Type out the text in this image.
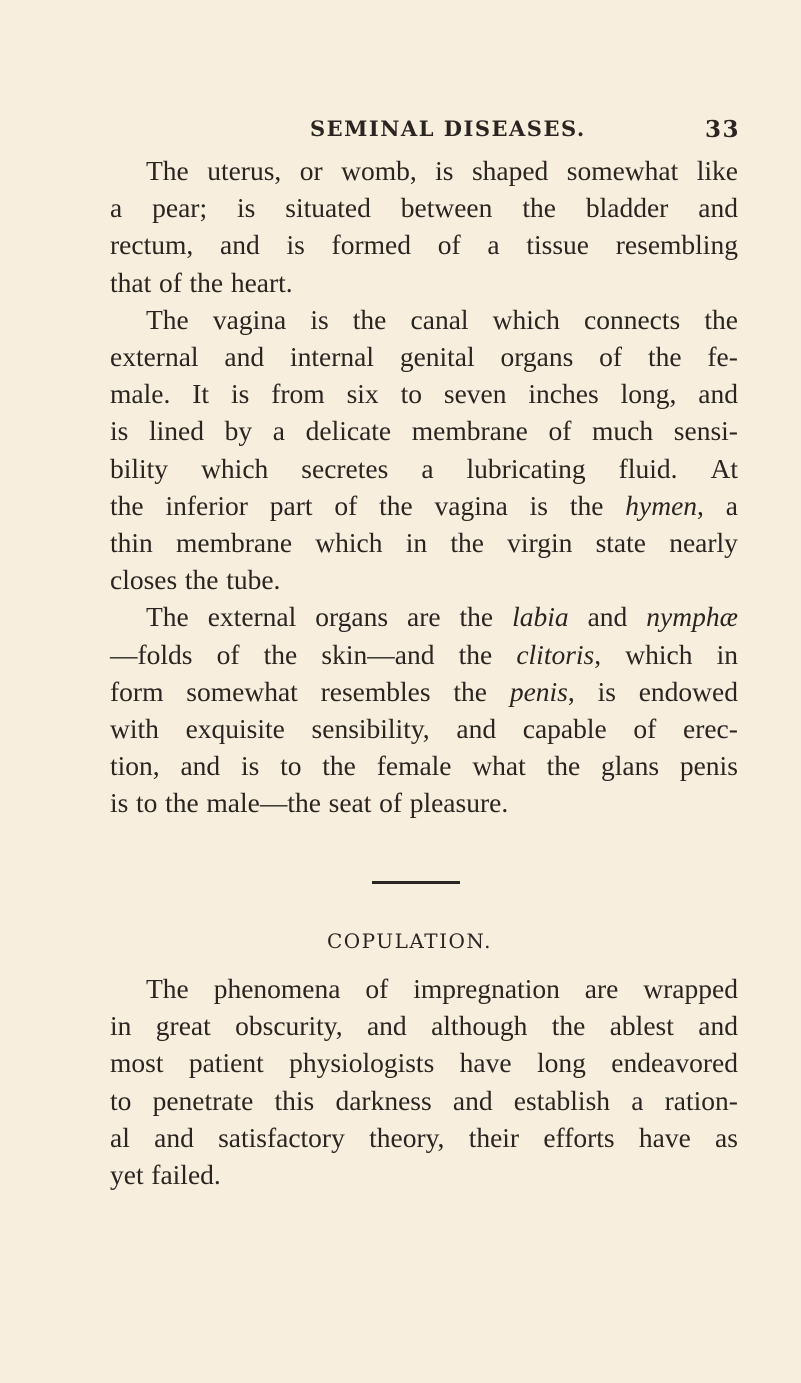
SEMINAL DISEASES.	33
The uterus, or womb, is shaped somewhat like
a pear; is situated between the bladder and
rectum, and is formed of a tissue resembling
that of the heart.
The vagina is the canal which connects the
external and internal genital organs of the fe-
male. It is from six to seven inches long, and
is lined by a delicate membrane of much sensi-
bility which secretes a lubricating fluid. At
the inferior part of the vagina is the hymen, a
thin membrane which in the virgin state nearly
closes the tube.
The external organs are the labia and nymphæ
—folds of the skin—and the clitoris, which in
form somewhat resembles the penis, is endowed
with exquisite sensibility, and capable of erec-
tion, and is to the female what the glans penis
is to the male—the seat of pleasure.
COPULATION.
The phenomena of impregnation are wrapped
in great obscurity, and although the ablest and
most patient physiologists have long endeavored
to penetrate this darkness and establish a ration-
al and satisfactory theory, their efforts have as
yet failed.
